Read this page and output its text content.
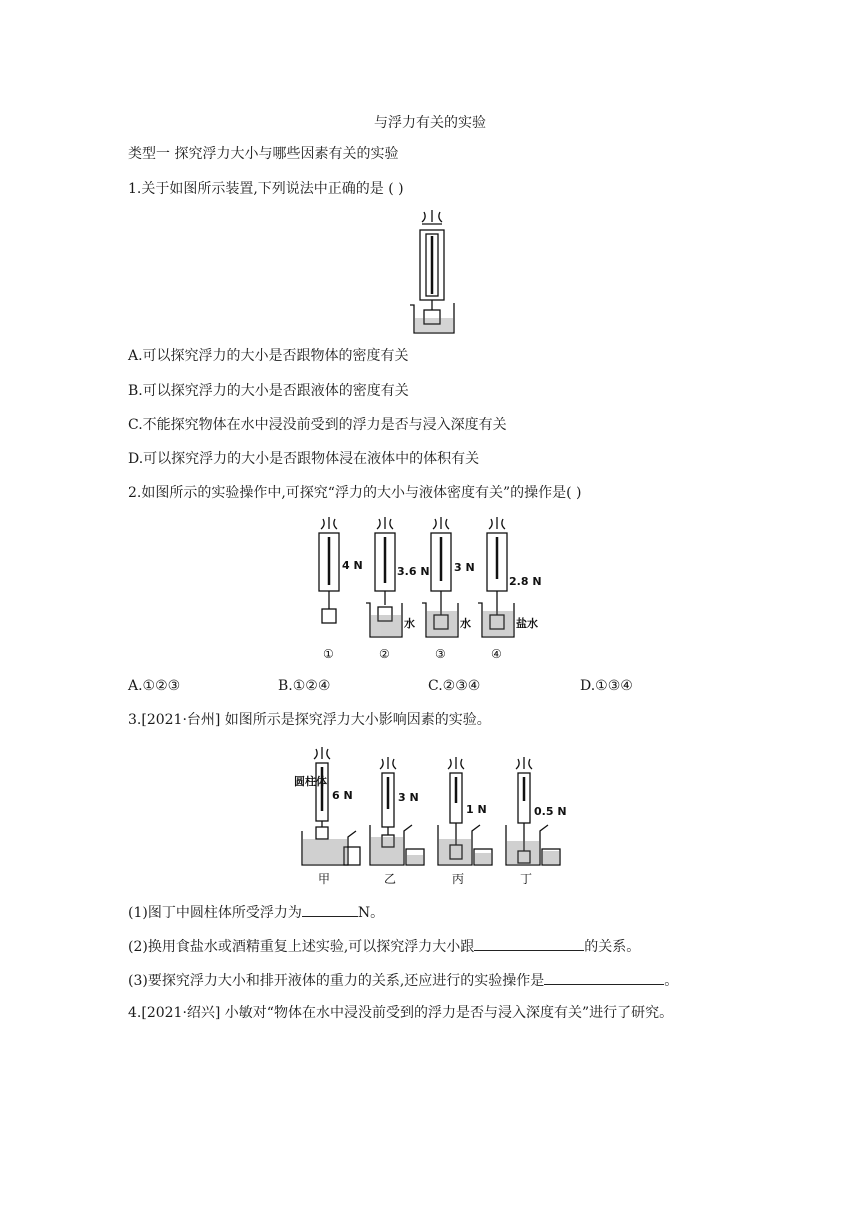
与浮力有关的实验
类型一 探究浮力大小与哪些因素有关的实验
1.关于如图所示装置,下列说法中正确的是 ( )
A.可以探究浮力的大小是否跟物体的密度有关
B.可以探究浮力的大小是否跟液体的密度有关
C.不能探究物体在水中浸没前受到的浮力是否与浸入深度有关
D.可以探究浮力的大小是否跟物体浸在液体中的体积有关
2.如图所示的实验操作中,可探究“浮力的大小与液体密度有关”的操作是( )
4 N	3.6 N 3 N
2.8 N
水	水	盐水
①	②	③	④
A.①②③	B.①②④	C.②③④	D.①③④
3.[2021·台州] 如图所示是探究浮力大小影响因素的实验。
圆柱体
6 N	3 N
1 N	0.5 N
甲	乙	丙	丁
(1)图丁中圆柱体所受浮力为	N。
(2)换用食盐水或酒精重复上述实验,可以探究浮力大小跟	的关系。
(3)要探究浮力大小和排开液体的重力的关系,还应进行的实验操作是	。
4.[2021·绍兴] 小敏对“物体在水中浸没前受到的浮力是否与浸入深度有关”进行了研究。
